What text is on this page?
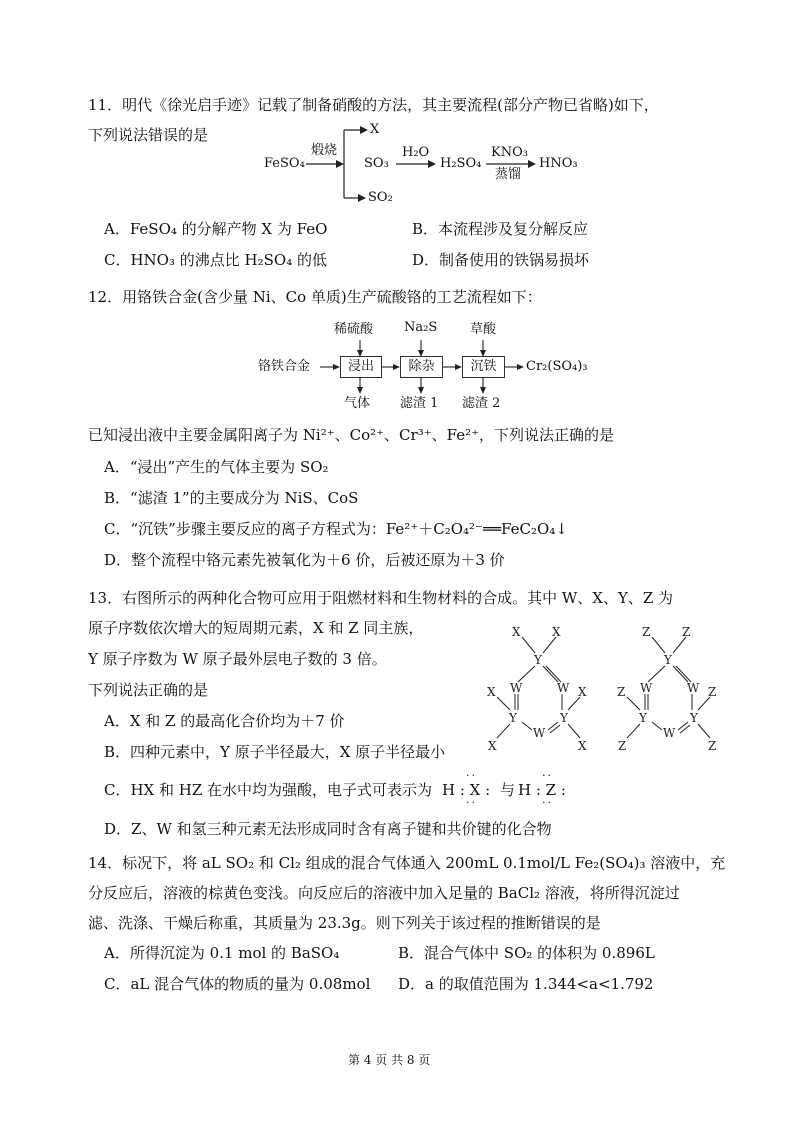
11．明代《徐光启手迹》记载了制备硝酸的方法，其主要流程(部分产物已省略)如下，
下列说法错误的是
FeSO₄
煅烧
X
SO₃
SO₂
H₂O
H₂SO₄
KNO₃
蒸馏
HNO₃
A．FeSO₄ 的分解产物 X 为 FeO	B．本流程涉及复分解反应
C．HNO₃ 的沸点比 H₂SO₄ 的低	D．制备使用的铁锅易损坏
12．用铬铁合金(含少量 Ni、Co 单质)生产硫酸铬的工艺流程如下：
稀硫酸 Na₂S	草酸
铬铁合金	浸出	除杂	沉铁	Cr₂(SO₄)₃
气体 滤渣 1 滤渣 2
已知浸出液中主要金属阳离子为 Ni²⁺、Co²⁺、Cr³⁺、Fe²⁺，下列说法正确的是
A．“浸出”产生的气体主要为 SO₂
B．“滤渣 1”的主要成分为 NiS、CoS
C．“沉铁”步骤主要反应的离子方程式为：Fe²⁺＋C₂O₄²⁻══FeC₂O₄↓
D．整个流程中铬元素先被氧化为＋6 价，后被还原为＋3 价
13．右图所示的两种化合物可应用于阻燃材料和生物材料的合成。其中 W、X、Y、Z 为
原子序数依次增大的短周期元素，X 和 Z 同主族，
Y 原子序数为 W 原子最外层电子数的 3 倍。
下列说法正确的是
A．X 和 Z 的最高化合价均为＋7 价
B．四种元素中，Y 原子半径最大，X 原子半径最小
C．HX 和 HZ 在水中均为强酸，电子式可表示为 H : X : 与 H : Z :
··
··
··
··
D．Z、W 和氢三种元素无法形成同时含有离子键和共价键的化合物
X	X
Y
W	W
X	X
Y	Y
W
X	X
Z	Z
Y
W	W
Z	Z
Y	Y
W
Z	Z
14．标况下，将 aL SO₂ 和 Cl₂ 组成的混合气体通入 200mL 0.1mol/L Fe₂(SO₄)₃ 溶液中，充
分反应后，溶液的棕黄色变浅。向反应后的溶液中加入足量的 BaCl₂ 溶液，将所得沉淀过
滤、洗涤、干燥后称重，其质量为 23.3g。则下列关于该过程的推断错误的是
A．所得沉淀为 0.1 mol 的 BaSO₄	B．混合气体中 SO₂ 的体积为 0.896L
C．aL 混合气体的物质的量为 0.08mol D．a 的取值范围为 1.344<a<1.792
第 4 页 共 8 页
